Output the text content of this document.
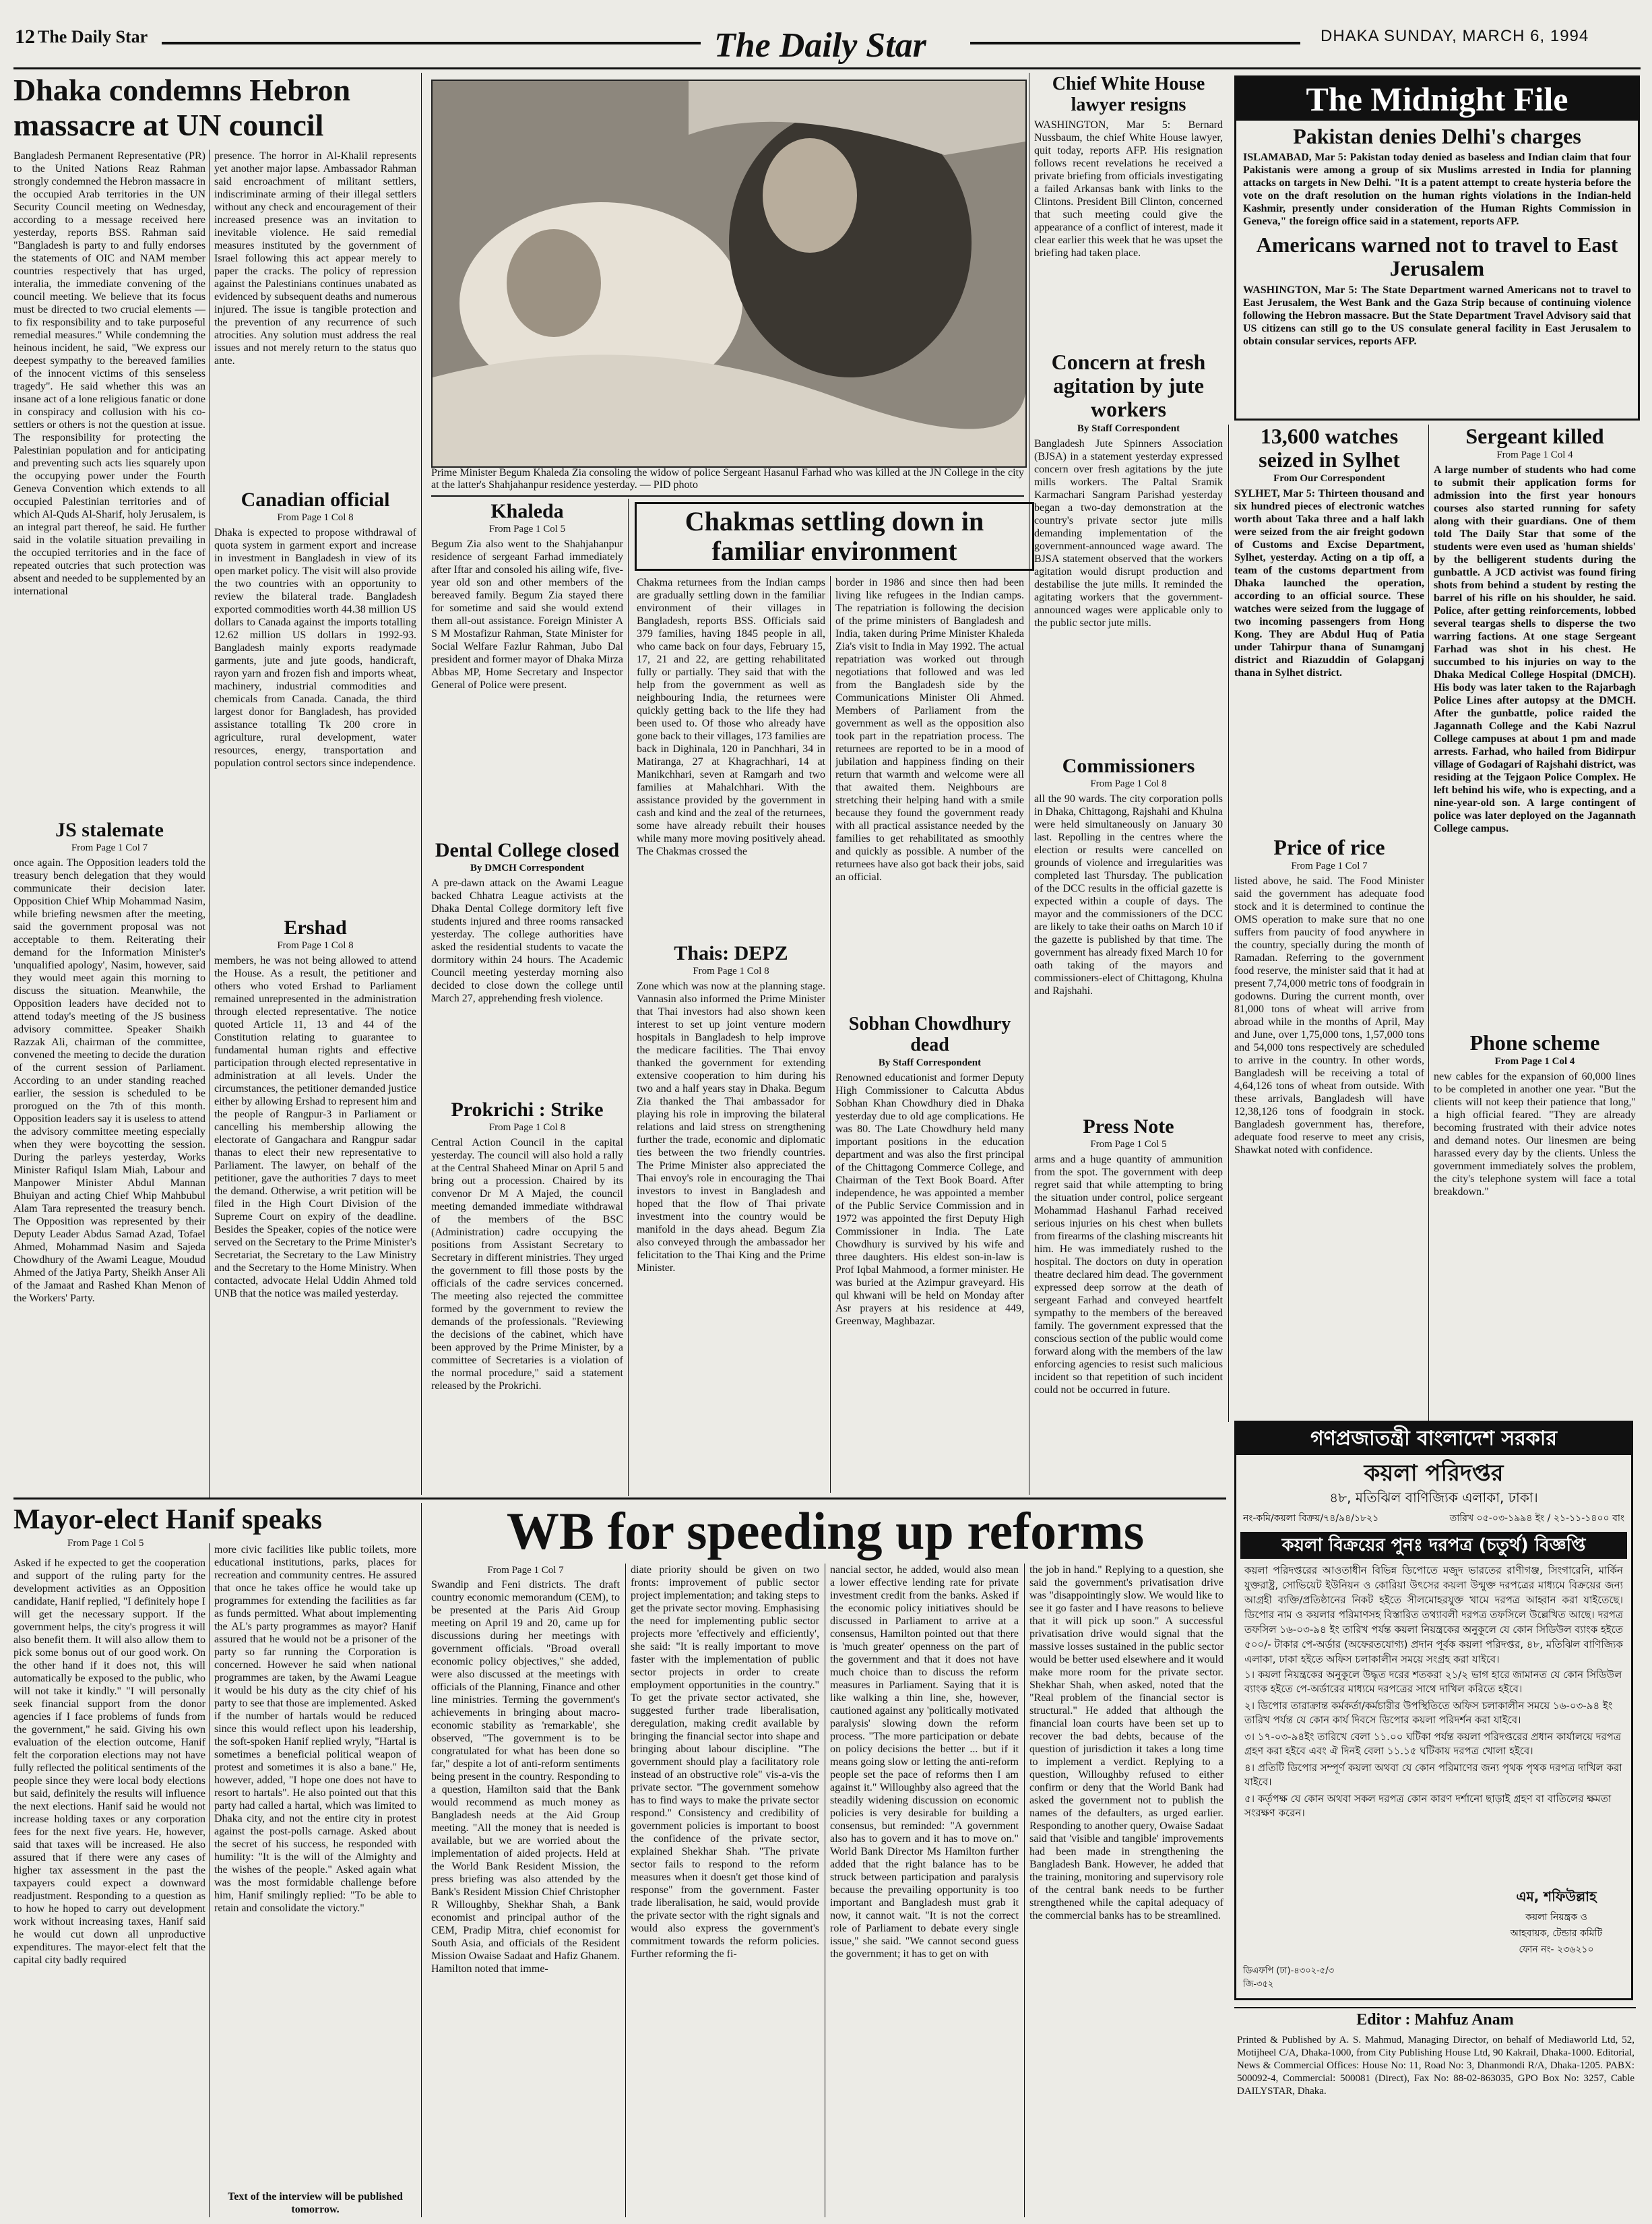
12 The Daily Star	The Daily Star	DHAKA SUNDAY, MARCH 6, 1994
Dhaka condemns Hebron massacre at UN council
Bangladesh Permanent Representative (PR) to the United Nations Reaz Rahman strongly condemned the Hebron massacre in the occupied Arab territories in the UN Security Council meeting on Wednesday, according to a message received here yesterday, reports BSS. Rahman said "Bangladesh is party to and fully endorses the statements of OIC and NAM member countries respectively that has urged, interalia, the immediate convening of the council meeting. We believe that its focus must be directed to two crucial elements — to fix responsibility and to take purposeful remedial measures." While condemning the heinous incident, he said, "We express our deepest sympathy to the bereaved families of the innocent victims of this senseless tragedy". He said whether this was an insane act of a lone religious fanatic or done in conspiracy and collusion with his co-settlers or others is not the question at issue. The responsibility for protecting the Palestinian population and for anticipating and preventing such acts lies squarely upon the occupying power under the Fourth Geneva Convention which extends to all occupied Palestinian territories and of which Al-Quds Al-Sharif, holy Jerusalem, is an integral part thereof, he said. He further said in the volatile situation prevailing in the occupied territories and in the face of repeated outcries that such protection was absent and needed to be supplemented by an international
presence. The horror in Al-Khalil represents yet another major lapse. Ambassador Rahman said encroachment of militant settlers, indiscriminate arming of their illegal settlers without any check and encouragement of their increased presence was an invitation to inevitable violence. He said remedial measures instituted by the government of Israel following this act appear merely to paper the cracks. The policy of repression against the Palestinians continues unabated as evidenced by subsequent deaths and numerous injured. The issue is tangible protection and the prevention of any recurrence of such atrocities. Any solution must address the real issues and not merely return to the status quo ante.
Canadian official
From Page 1 Col 8
Dhaka is expected to propose withdrawal of quota system in garment export and increase in investment in Bangladesh in view of its open market policy. The visit will also provide the two countries with an opportunity to review the bilateral trade. Bangladesh exported commodities worth 44.38 million US dollars to Canada against the imports totalling 12.62 million US dollars in 1992-93. Bangladesh mainly exports readymade garments, jute and jute goods, handicraft, rayon yarn and frozen fish and imports wheat, machinery, industrial commodities and chemicals from Canada. Canada, the third largest donor for Bangladesh, has provided assistance totalling Tk 200 crore in agriculture, rural development, water resources, energy, transportation and population control sectors since independence.
Ershad
From Page 1 Col 8
members, he was not being allowed to attend the House. As a result, the petitioner and others who voted Ershad to Parliament remained unrepresented in the administration through elected representative. The notice quoted Article 11, 13 and 44 of the Constitution relating to guarantee to fundamental human rights and effective participation through elected representative in administration at all levels. Under the circumstances, the petitioner demanded justice either by allowing Ershad to represent him and the people of Rangpur-3 in Parliament or cancelling his membership allowing the electorate of Gangachara and Rangpur sadar thanas to elect their new representative to Parliament. The lawyer, on behalf of the petitioner, gave the authorities 7 days to meet the demand. Otherwise, a writ petition will be filed in the High Court Division of the Supreme Court on expiry of the deadline. Besides the Speaker, copies of the notice were served on the Secretary to the Prime Minister's Secretariat, the Secretary to the Law Ministry and the Secretary to the Home Ministry. When contacted, advocate Helal Uddin Ahmed told UNB that the notice was mailed yesterday.
JS stalemate
From Page 1 Col 7
once again. The Opposition leaders told the treasury bench delegation that they would communicate their decision later. Opposition Chief Whip Mohammad Nasim, while briefing newsmen after the meeting, said the government proposal was not acceptable to them. Reiterating their demand for the Information Minister's 'unqualified apology', Nasim, however, said they would meet again this morning to discuss the situation. Meanwhile, the Opposition leaders have decided not to attend today's meeting of the JS business advisory committee. Speaker Shaikh Razzak Ali, chairman of the committee, convened the meeting to decide the duration of the current session of Parliament. According to an under standing reached earlier, the session is scheduled to be prorogued on the 7th of this month. Opposition leaders say it is useless to attend the advisory committee meeting especially when they were boycotting the session. During the parleys yesterday, Works Minister Rafiqul Islam Miah, Labour and Manpower Minister Abdul Mannan Bhuiyan and acting Chief Whip Mahbubul Alam Tara represented the treasury bench. The Opposition was represented by their Deputy Leader Abdus Samad Azad, Tofael Ahmed, Mohammad Nasim and Sajeda Chowdhury of the Awami League, Moudud Ahmed of the Jatiya Party, Sheikh Anser Ali of the Jamaat and Rashed Khan Menon of the Workers' Party.
Prime Minister Begum Khaleda Zia consoling the widow of police Sergeant Hasanul Farhad who was killed at the JN College in the city at the latter's Shahjahanpur residence yesterday. — PID photo
Khaleda
From Page 1 Col 5
Begum Zia also went to the Shahjahanpur residence of sergeant Farhad immediately after Iftar and consoled his ailing wife, five-year old son and other members of the bereaved family. Begum Zia stayed there for sometime and said she would extend them all-out assistance. Foreign Minister A S M Mostafizur Rahman, State Minister for Social Welfare Fazlur Rahman, Jubo Dal president and former mayor of Dhaka Mirza Abbas MP, Home Secretary and Inspector General of Police were present.
Dental College closed
By DMCH Correspondent
A pre-dawn attack on the Awami League backed Chhatra League activists at the Dhaka Dental College dormitory left five students injured and three rooms ransacked yesterday. The college authorities have asked the residential students to vacate the dormitory within 24 hours. The Academic Council meeting yesterday morning also decided to close down the college until March 27, apprehending fresh violence.
Prokrichi : Strike
From Page 1 Col 8
Central Action Council in the capital yesterday. The council will also hold a rally at the Central Shaheed Minar on April 5 and bring out a procession. Chaired by its convenor Dr M A Majed, the council meeting demanded immediate withdrawal of the members of the BSC (Administration) cadre occupying the positions from Assistant Secretary to Secretary in different ministries. They urged the government to fill those posts by the officials of the cadre services concerned. The meeting also rejected the committee formed by the government to review the demands of the professionals. "Reviewing the decisions of the cabinet, which have been approved by the Prime Minister, by a committee of Secretaries is a violation of the normal procedure," said a statement released by the Prokrichi.
Chakmas settling down in familiar environment
Chakma returnees from the Indian camps are gradually settling down in the familiar environment of their villages in Bangladesh, reports BSS. Officials said 379 families, having 1845 people in all, who came back on four days, February 15, 17, 21 and 22, are getting rehabilitated fully or partially. They said that with the help from the government as well as neighbouring India, the returnees were quickly getting back to the life they had been used to. Of those who already have gone back to their villages, 173 families are back in Dighinala, 120 in Panchhari, 34 in Matiranga, 27 at Khagrachhari, 14 at Manikchhari, seven at Ramgarh and two families at Mahalchhari. With the assistance provided by the government in cash and kind and the zeal of the returnees, some have already rebuilt their houses while many more moving positively ahead. The Chakmas crossed the
border in 1986 and since then had been living like refugees in the Indian camps. The repatriation is following the decision of the prime ministers of Bangladesh and India, taken during Prime Minister Khaleda Zia's visit to India in May 1992. The actual repatriation was worked out through negotiations that followed and was led from the Bangladesh side by the Communications Minister Oli Ahmed. Members of Parliament from the government as well as the opposition also took part in the repatriation process. The returnees are reported to be in a mood of jubilation and happiness finding on their return that warmth and welcome were all that awaited them. Neighbours are stretching their helping hand with a smile because they found the government ready with all practical assistance needed by the families to get rehabilitated as smoothly and quickly as possible. A number of the returnees have also got back their jobs, said an official.
Thais: DEPZ
From Page 1 Col 8
Zone which was now at the planning stage. Vannasin also informed the Prime Minister that Thai investors had also shown keen interest to set up joint venture modern hospitals in Bangladesh to help improve the medicare facilities. The Thai envoy thanked the government for extending extensive cooperation to him during his two and a half years stay in Dhaka. Begum Zia thanked the Thai ambassador for playing his role in improving the bilateral relations and laid stress on strengthening further the trade, economic and diplomatic ties between the two friendly countries. The Prime Minister also appreciated the Thai envoy's role in encouraging the Thai investors to invest in Bangladesh and hoped that the flow of Thai private investment into the country would be manifold in the days ahead. Begum Zia also conveyed through the ambassador her felicitation to the Thai King and the Prime Minister.
Sobhan Chowdhury dead
By Staff Correspondent
Renowned educationist and former Deputy High Commissioner to Calcutta Abdus Sobhan Khan Chowdhury died in Dhaka yesterday due to old age complications. He was 80. The Late Chowdhury held many important positions in the education department and was also the first principal of the Chittagong Commerce College, and Chairman of the Text Book Board. After independence, he was appointed a member of the Public Service Commission and in 1972 was appointed the first Deputy High Commissioner in India. The Late Chowdhury is survived by his wife and three daughters. His eldest son-in-law is Prof Iqbal Mahmood, a former minister. He was buried at the Azimpur graveyard. His qul khwani will be held on Monday after Asr prayers at his residence at 449, Greenway, Maghbazar.
Chief White House lawyer resigns
WASHINGTON, Mar 5: Bernard Nussbaum, the chief White House lawyer, quit today, reports AFP. His resignation follows recent revelations he received a private briefing from officials investigating a failed Arkansas bank with links to the Clintons. President Bill Clinton, concerned that such meeting could give the appearance of a conflict of interest, made it clear earlier this week that he was upset the briefing had taken place.
Concern at fresh agitation by jute workers
By Staff Correspondent
Bangladesh Jute Spinners Association (BJSA) in a statement yesterday expressed concern over fresh agitations by the jute mills workers. The Paltal Sramik Karmachari Sangram Parishad yesterday began a two-day demonstration at the country's private sector jute mills demanding implementation of the government-announced wage award. The BJSA statement observed that the workers agitation would disrupt production and destabilise the jute mills. It reminded the agitating workers that the government-announced wages were applicable only to the public sector jute mills.
Commissioners
From Page 1 Col 8
all the 90 wards. The city corporation polls in Dhaka, Chittagong, Rajshahi and Khulna were held simultaneously on January 30 last. Repolling in the centres where the election or results were cancelled on grounds of violence and irregularities was completed last Thursday. The publication of the DCC results in the official gazette is expected within a couple of days. The mayor and the commissioners of the DCC are likely to take their oaths on March 10 if the gazette is published by that time. The government has already fixed March 10 for oath taking of the mayors and commissioners-elect of Chittagong, Khulna and Rajshahi.
Press Note
From Page 1 Col 5
arms and a huge quantity of ammunition from the spot. The government with deep regret said that while attempting to bring the situation under control, police sergeant Mohammad Hashanul Farhad received serious injuries on his chest when bullets from firearms of the clashing miscreants hit him. He was immediately rushed to the hospital. The doctors on duty in operation theatre declared him dead. The government expressed deep sorrow at the death of sergeant Farhad and conveyed heartfelt sympathy to the members of the bereaved family. The government expressed that the conscious section of the public would come forward along with the members of the law enforcing agencies to resist such malicious incident so that repetition of such incident could not be occurred in future.
The Midnight File
Pakistan denies Delhi's charges
ISLAMABAD, Mar 5: Pakistan today denied as baseless and Indian claim that four Pakistanis were among a group of six Muslims arrested in India for planning attacks on targets in New Delhi. "It is a patent attempt to create hysteria before the vote on the draft resolution on the human rights violations in the Indian-held Kashmir, presently under consideration of the Human Rights Commission in Geneva," the foreign office said in a statement, reports AFP.
Americans warned not to travel to East Jerusalem
WASHINGTON, Mar 5: The State Department warned Americans not to travel to East Jerusalem, the West Bank and the Gaza Strip because of continuing violence following the Hebron massacre. But the State Department Travel Advisory said that US citizens can still go to the US consulate general facility in East Jerusalem to obtain consular services, reports AFP.
13,600 watches seized in Sylhet
From Our Correspondent
SYLHET, Mar 5: Thirteen thousand and six hundred pieces of electronic watches worth about Taka three and a half lakh were seized from the air freight godown of Customs and Excise Department, Sylhet, yesterday. Acting on a tip off, a team of the customs department from Dhaka launched the operation, according to an official source. These watches were seized from the luggage of two incoming passengers from Hong Kong. They are Abdul Huq of Patia under Tahirpur thana of Sunamganj district and Riazuddin of Golapganj thana in Sylhet district.
Price of rice
From Page 1 Col 7
listed above, he said. The Food Minister said the government has adequate food stock and it is determined to continue the OMS operation to make sure that no one suffers from paucity of food anywhere in the country, specially during the month of Ramadan. Referring to the government food reserve, the minister said that it had at present 7,74,000 metric tons of foodgrain in godowns. During the current month, over 81,000 tons of wheat will arrive from abroad while in the months of April, May and June, over 1,75,000 tons, 1,57,000 tons and 54,000 tons respectively are scheduled to arrive in the country. In other words, Bangladesh will be receiving a total of 4,64,126 tons of wheat from outside. With these arrivals, Bangladesh will have 12,38,126 tons of foodgrain in stock. Bangladesh government has, therefore, adequate food reserve to meet any crisis, Shawkat noted with confidence.
Sergeant killed
From Page 1 Col 4
A large number of students who had come to submit their application forms for admission into the first year honours courses also started running for safety along with their guardians. One of them told The Daily Star that some of the students were even used as 'human shields' by the belligerent students during the gunbattle. A JCD activist was found firing shots from behind a student by resting the barrel of his rifle on his shoulder, he said. Police, after getting reinforcements, lobbed several teargas shells to disperse the two warring factions. At one stage Sergeant Farhad was shot in his chest. He succumbed to his injuries on way to the Dhaka Medical College Hospital (DMCH). His body was later taken to the Rajarbagh Police Lines after autopsy at the DMCH. After the gunbattle, police raided the Jagannath College and the Kabi Nazrul College campuses at about 1 pm and made arrests. Farhad, who hailed from Bidirpur village of Godagari of Rajshahi district, was residing at the Tejgaon Police Complex. He left behind his wife, who is expecting, and a nine-year-old son. A large contingent of police was later deployed on the Jagannath College campus.
Phone scheme
From Page 1 Col 4
new cables for the expansion of 60,000 lines to be completed in another one year. "But the clients will not keep their patience that long," a high official feared. "They are already becoming frustrated with their advice notes and demand notes. Our linesmen are being harassed every day by the clients. Unless the government immediately solves the problem, the city's telephone system will face a total breakdown."
Mayor-elect Hanif speaks
From Page 1 Col 5
Asked if he expected to get the cooperation and support of the ruling party for the development activities as an Opposition candidate, Hanif replied, "I definitely hope I will get the necessary support. If the government helps, the city's progress it will also benefit them. It will also allow them to pick some bonus out of our good work. On the other hand if it does not, this will automatically be exposed to the public, who will not take it kindly." "I will personally seek financial support from the donor agencies if I face problems of funds from the government," he said. Giving his own evaluation of the election outcome, Hanif felt the corporation elections may not have fully reflected the political sentiments of the people since they were local body elections but said, definitely the results will influence the next elections. Hanif said he would not increase holding taxes or any corporation fees for the next five years. He, however, said that taxes will be increased. He also assured that if there were any cases of higher tax assessment in the past the taxpayers could expect a downward readjustment. Responding to a question as to how he hoped to carry out development work without increasing taxes, Hanif said he would cut down all unproductive expenditures. The mayor-elect felt that the capital city badly required
more civic facilities like public toilets, more educational institutions, parks, places for recreation and community centres. He assured that once he takes office he would take up programmes for extending the facilities as far as funds permitted. What about implementing the AL's party programmes as mayor? Hanif assured that he would not be a prisoner of the party so far running the Corporation is concerned. However he said when national programmes are taken, by the Awami League it would be his duty as the city chief of his party to see that those are implemented. Asked if the number of hartals would be reduced since this would reflect upon his leadership, the soft-spoken Hanif replied wryly, "Hartal is sometimes a beneficial political weapon of protest and sometimes it is also a bane." He, however, added, "I hope one does not have to resort to hartals". He also pointed out that this party had called a hartal, which was limited to Dhaka city, and not the entire city in protest against the post-polls carnage. Asked about the secret of his success, he responded with humility: "It is the will of the Almighty and the wishes of the people." Asked again what was the most formidable challenge before him, Hanif smilingly replied: "To be able to retain and consolidate the victory."
Text of the interview will be published tomorrow.
WB for speeding up reforms
From Page 1 Col 7
Swandip and Feni districts. The draft country economic memorandum (CEM), to be presented at the Paris Aid Group meeting on April 19 and 20, came up for discussions during her meetings with government officials. "Broad overall economic policy objectives," she added, were also discussed at the meetings with officials of the Planning, Finance and other line ministries. Terming the government's achievements in bringing about macro-economic stability as 'remarkable', she observed, "The government is to be congratulated for what has been done so far," despite a lot of anti-reform sentiments being present in the country. Responding to a question, Hamilton said that the Bank would recommend as much money as Bangladesh needs at the Aid Group meeting. "All the money that is needed is available, but we are worried about the implementation of aided projects. Held at the World Bank Resident Mission, the press briefing was also attended by the Bank's Resident Mission Chief Christopher R Willoughby, Shekhar Shah, a Bank economist and principal author of the CEM, Pradip Mitra, chief economist for South Asia, and officials of the Resident Mission Owaise Sadaat and Hafiz Ghanem. Hamilton noted that imme-
diate priority should be given on two fronts: improvement of public sector project implementation; and taking steps to get the private sector moving. Emphasising the need for implementing public sector projects more 'effectively and efficiently', she said: "It is really important to move faster with the implementation of public sector projects in order to create employment opportunities in the country." To get the private sector activated, she suggested further trade liberalisation, deregulation, making credit available by bringing the financial sector into shape and bringing about labour discipline. "The government should play a facilitatory role instead of an obstructive role" vis-a-vis the private sector. "The government somehow has to find ways to make the private sector respond." Consistency and credibility of government policies is important to boost the confidence of the private sector, explained Shekhar Shah. "The private sector fails to respond to the reform measures when it doesn't get those kind of response" from the government. Faster trade liberalisation, he said, would provide the private sector with the right signals and would also express the government's commitment towards the reform policies. Further reforming the fi-
nancial sector, he added, would also mean a lower effective lending rate for private investment credit from the banks. Asked if the economic policy initiatives should be discussed in Parliament to arrive at a consensus, Hamilton pointed out that there is 'much greater' openness on the part of the government and that it does not have much choice than to discuss the reform measures in Parliament. Saying that it is like walking a thin line, she, however, cautioned against any 'politically motivated paralysis' slowing down the reform process. "The more participation or debate on policy decisions the better ... but if it means going slow or letting the anti-reform people set the pace of reforms then I am against it." Willoughby also agreed that the steadily widening discussion on economic policies is very desirable for building a consensus, but reminded: "A government also has to govern and it has to move on." World Bank Director Ms Hamilton further added that the right balance has to be struck between participation and paralysis because the prevailing opportunity is too important and Bangladesh must grab it now, it cannot wait. "It is not the correct role of Parliament to debate every single issue," she said. "We cannot second guess the government; it has to get on with
the job in hand." Replying to a question, she said the government's privatisation drive was "disappointingly slow. We would like to see it go faster and I have reasons to believe that it will pick up soon." A successful privatisation drive would signal that the massive losses sustained in the public sector would be better used elsewhere and it would make more room for the private sector. Shekhar Shah, when asked, noted that the "Real problem of the financial sector is structural." He added that although the financial loan courts have been set up to recover the bad debts, because of the question of jurisdiction it takes a long time to implement a verdict. Replying to a question, Willoughby refused to either confirm or deny that the World Bank had asked the government not to publish the names of the defaulters, as urged earlier. Responding to another query, Owaise Sadaat said that 'visible and tangible' improvements had been made in strengthening the Bangladesh Bank. However, he added that the training, monitoring and supervisory role of the central bank needs to be further strengthened while the capital adequacy of the commercial banks has to be streamlined.
গণপ্রজাতন্ত্রী বাংলাদেশ সরকার
কয়লা পরিদপ্তর
৪৮, মতিঝিল বাণিজ্যিক এলাকা, ঢাকা।
নং-কমি/কয়লা বিক্রয়/৭৪/৯৪/১৮২১	তারিখ ০৫-০৩-১৯৯৪ ইং / ২১-১১-১৪০০ বাং
কয়লা বিক্রয়ের পুনঃ দরপত্র (চতুর্থ) বিজ্ঞপ্তি
কয়লা পরিদপ্তরের আওতাধীন বিভিন্ন ডিপোতে মজুদ ভারতের রাণীগঞ্জ, সিংগারেনি, মার্কিন যুক্তরাষ্ট্র, সোভিয়েট ইউনিয়ন ও কোরিয়া উৎসের কয়লা উন্মুক্ত দরপত্রের মাধ্যমে বিক্রয়ের জন্য আগ্রহী ব্যক্তি/প্রতিষ্ঠানের নিকট হইতে সীলমোহরযুক্ত খামে দরপত্র আহ্বান করা যাইতেছে। ডিপোর নাম ও কয়লার পরিমাণসহ বিস্তারিত তথ্যাবলী দরপত্র তফসিলে উল্লেখিত আছে। দরপত্র তফসিল ১৬-০৩-৯৪ ইং তারিখ পর্যন্ত কয়লা নিয়ন্ত্রকের অনুকূলে যে কোন সিডিউল ব্যাংক হইতে ৫০০/- টাকার পে-অর্ডার (অফেরতযোগ্য) প্রদান পূর্বক কয়লা পরিদপ্তর, ৪৮, মতিঝিল বাণিজ্যিক এলাকা, ঢাকা হইতে অফিস চলাকালীন সময়ে সংগ্রহ করা যাইবে।
১। কয়লা নিয়ন্ত্রকের অনুকূলে উদ্ধৃত দরের শতকরা ২১/২ ভাগ হারে জামানত যে কোন সিডিউল ব্যাংক হইতে পে-অর্ডারের মাধ্যমে দরপত্রের সাথে দাখিল করিতে হইবে।
২। ডিপোর তারাক্রান্ত কর্মকর্তা/কর্মচারীর উপস্থিতিতে অফিস চলাকালীন সময়ে ১৬-০৩-৯৪ ইং তারিখ পর্যন্ত যে কোন কার্য দিবসে ডিপোর কয়লা পরিদর্শন করা যাইবে।
৩। ১৭-০৩-৯৪ইং তারিখে বেলা ১১.০০ ঘটিকা পর্যন্ত কয়লা পরিদপ্তরের প্রধান কার্যালয়ে দরপত্র গ্রহণ করা হইবে এবং ঐ দিনই বেলা ১১.১৫ ঘটিকায় দরপত্র খোলা হইবে।
৪। প্রতিটি ডিপোর সম্পূর্ণ কয়লা অথবা যে কোন পরিমাণের জন্য পৃথক পৃথক দরপত্র দাখিল করা যাইবে।
৫। কর্তৃপক্ষ যে কোন অথবা সকল দরপত্র কোন কারণ দর্শানো ছাড়াই গ্রহণ বা বাতিলের ক্ষমতা সংরক্ষণ করেন।
এম, শফিউল্লাহ
কয়লা নিয়ন্ত্রক ও
আহবায়ক, টেন্ডার কমিটি
ফোন নং- ২৩৬২১০
ডিএফপি (ঢা)-৪৩০২-৫/৩
জি-৩৫২
Editor : Mahfuz Anam
Printed & Published by A. S. Mahmud, Managing Director, on behalf of Mediaworld Ltd, 52, Motijheel C/A, Dhaka-1000, from City Publishing House Ltd, 90 Kakrail, Dhaka-1000. Editorial, News & Commercial Offices: House No: 11, Road No: 3, Dhanmondi R/A, Dhaka-1205. PABX: 500092-4, Commercial: 500081 (Direct), Fax No: 88-02-863035, GPO Box No: 3257, Cable DAILYSTAR, Dhaka.
